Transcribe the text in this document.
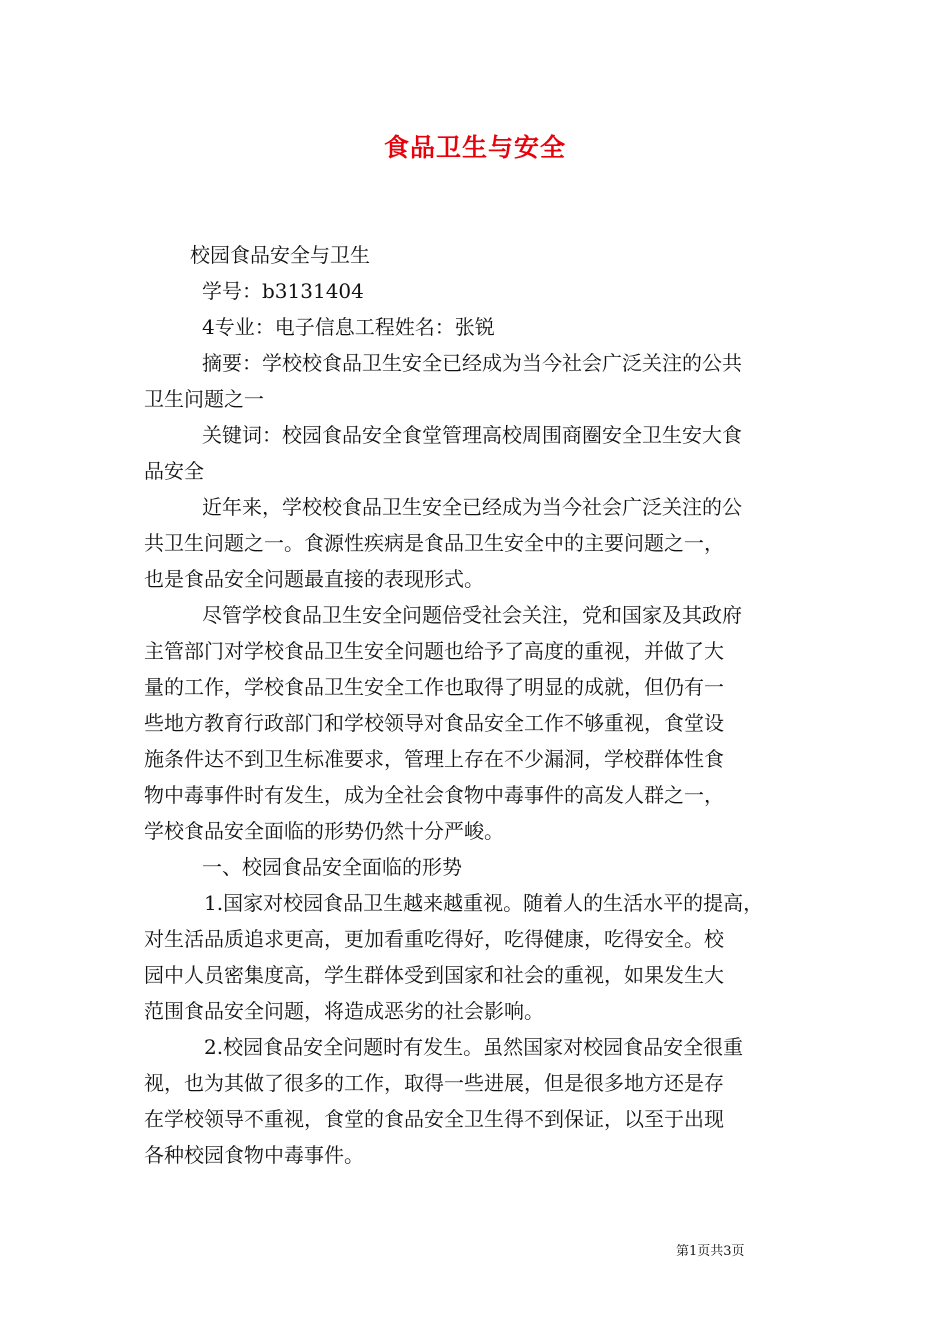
食品卫生与安全

校园食品安全与卫生

学号：b3131404

4专业：电子信息工程姓名：张锐

摘要：学校校食品卫生安全已经成为当今社会广泛关注的公共

卫生问题之一

关键词：校园食品安全食堂管理高校周围商圈安全卫生安大食

品安全

近年来，学校校食品卫生安全已经成为当今社会广泛关注的公

共卫生问题之一。食源性疾病是食品卫生安全中的主要问题之一，

也是食品安全问题最直接的表现形式。

尽管学校食品卫生安全问题倍受社会关注，党和国家及其政府

主管部门对学校食品卫生安全问题也给予了高度的重视，并做了大

量的工作，学校食品卫生安全工作也取得了明显的成就，但仍有一

些地方教育行政部门和学校领导对食品安全工作不够重视，食堂设

施条件达不到卫生标准要求，管理上存在不少漏洞，学校群体性食

物中毒事件时有发生，成为全社会食物中毒事件的高发人群之一，

学校食品安全面临的形势仍然十分严峻。

一、校园食品安全面临的形势

1.国家对校园食品卫生越来越重视。随着人的生活水平的提高，

对生活品质追求更高，更加看重吃得好，吃得健康，吃得安全。校

园中人员密集度高，学生群体受到国家和社会的重视，如果发生大

范围食品安全问题，将造成恶劣的社会影响。

2.校园食品安全问题时有发生。虽然国家对校园食品安全很重

视，也为其做了很多的工作，取得一些进展，但是很多地方还是存

在学校领导不重视，食堂的食品安全卫生得不到保证，以至于出现

各种校园食物中毒事件。

第1页共3页
